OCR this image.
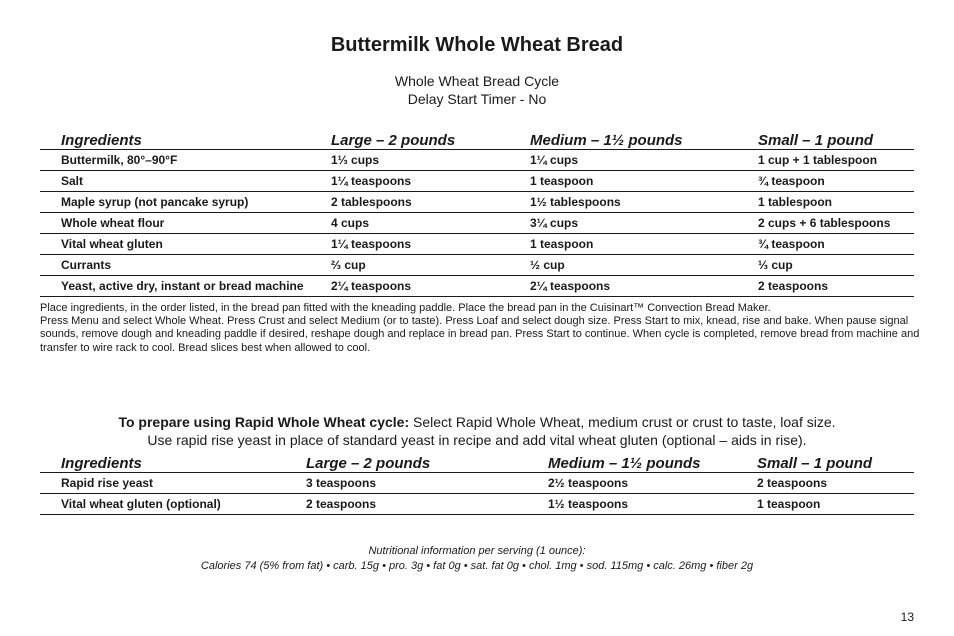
Buttermilk Whole Wheat Bread
Whole Wheat Bread Cycle
Delay Start Timer - No
Ingredients	Large – 2 pounds	Medium – 1½ pounds	Small – 1 pound
Buttermilk, 80°–90°F	1⅓ cups	1¼ cups	1 cup + 1 tablespoon
Salt	1¼ teaspoons	1 teaspoon	¾ teaspoon
Maple syrup (not pancake syrup)	2 tablespoons	1½ tablespoons	1 tablespoon
Whole wheat flour	4 cups	3¼ cups	2 cups + 6 tablespoons
Vital wheat gluten	1¼ teaspoons	1 teaspoon	¾ teaspoon
Currants	⅔ cup	½ cup	⅓ cup
Yeast, active dry, instant or bread machine	2¼ teaspoons	2¼ teaspoons	2 teaspoons

Place ingredients, in the order listed, in the bread pan fitted with the kneading paddle. Place the bread pan in the Cuisinart™ Convection Bread Maker.

Press Menu and select Whole Wheat. Press Crust and select Medium (or to taste). Press Loaf and select dough size. Press Start to mix, knead, rise and bake. When pause signal sounds, remove dough and kneading paddle if desired, reshape dough and replace in bread pan. Press Start to continue. When cycle is completed, remove bread from machine and transfer to wire rack to cool. Bread slices best when allowed to cool.

To prepare using Rapid Whole Wheat cycle: Select Rapid Whole Wheat, medium crust or crust to taste, loaf size.
Use rapid rise yeast in place of standard yeast in recipe and add vital wheat gluten (optional – aids in rise).
Ingredients	Large – 2 pounds	Medium – 1½ pounds	Small – 1 pound
Rapid rise yeast	3 teaspoons	2½ teaspoons	2 teaspoons
Vital wheat gluten (optional)	2 teaspoons	1½ teaspoons	1 teaspoon
Nutritional information per serving (1 ounce):
Calories 74 (5% from fat) • carb. 15g • pro. 3g • fat 0g • sat. fat 0g • chol. 1mg • sod. 115mg • calc. 26mg • fiber 2g
13
